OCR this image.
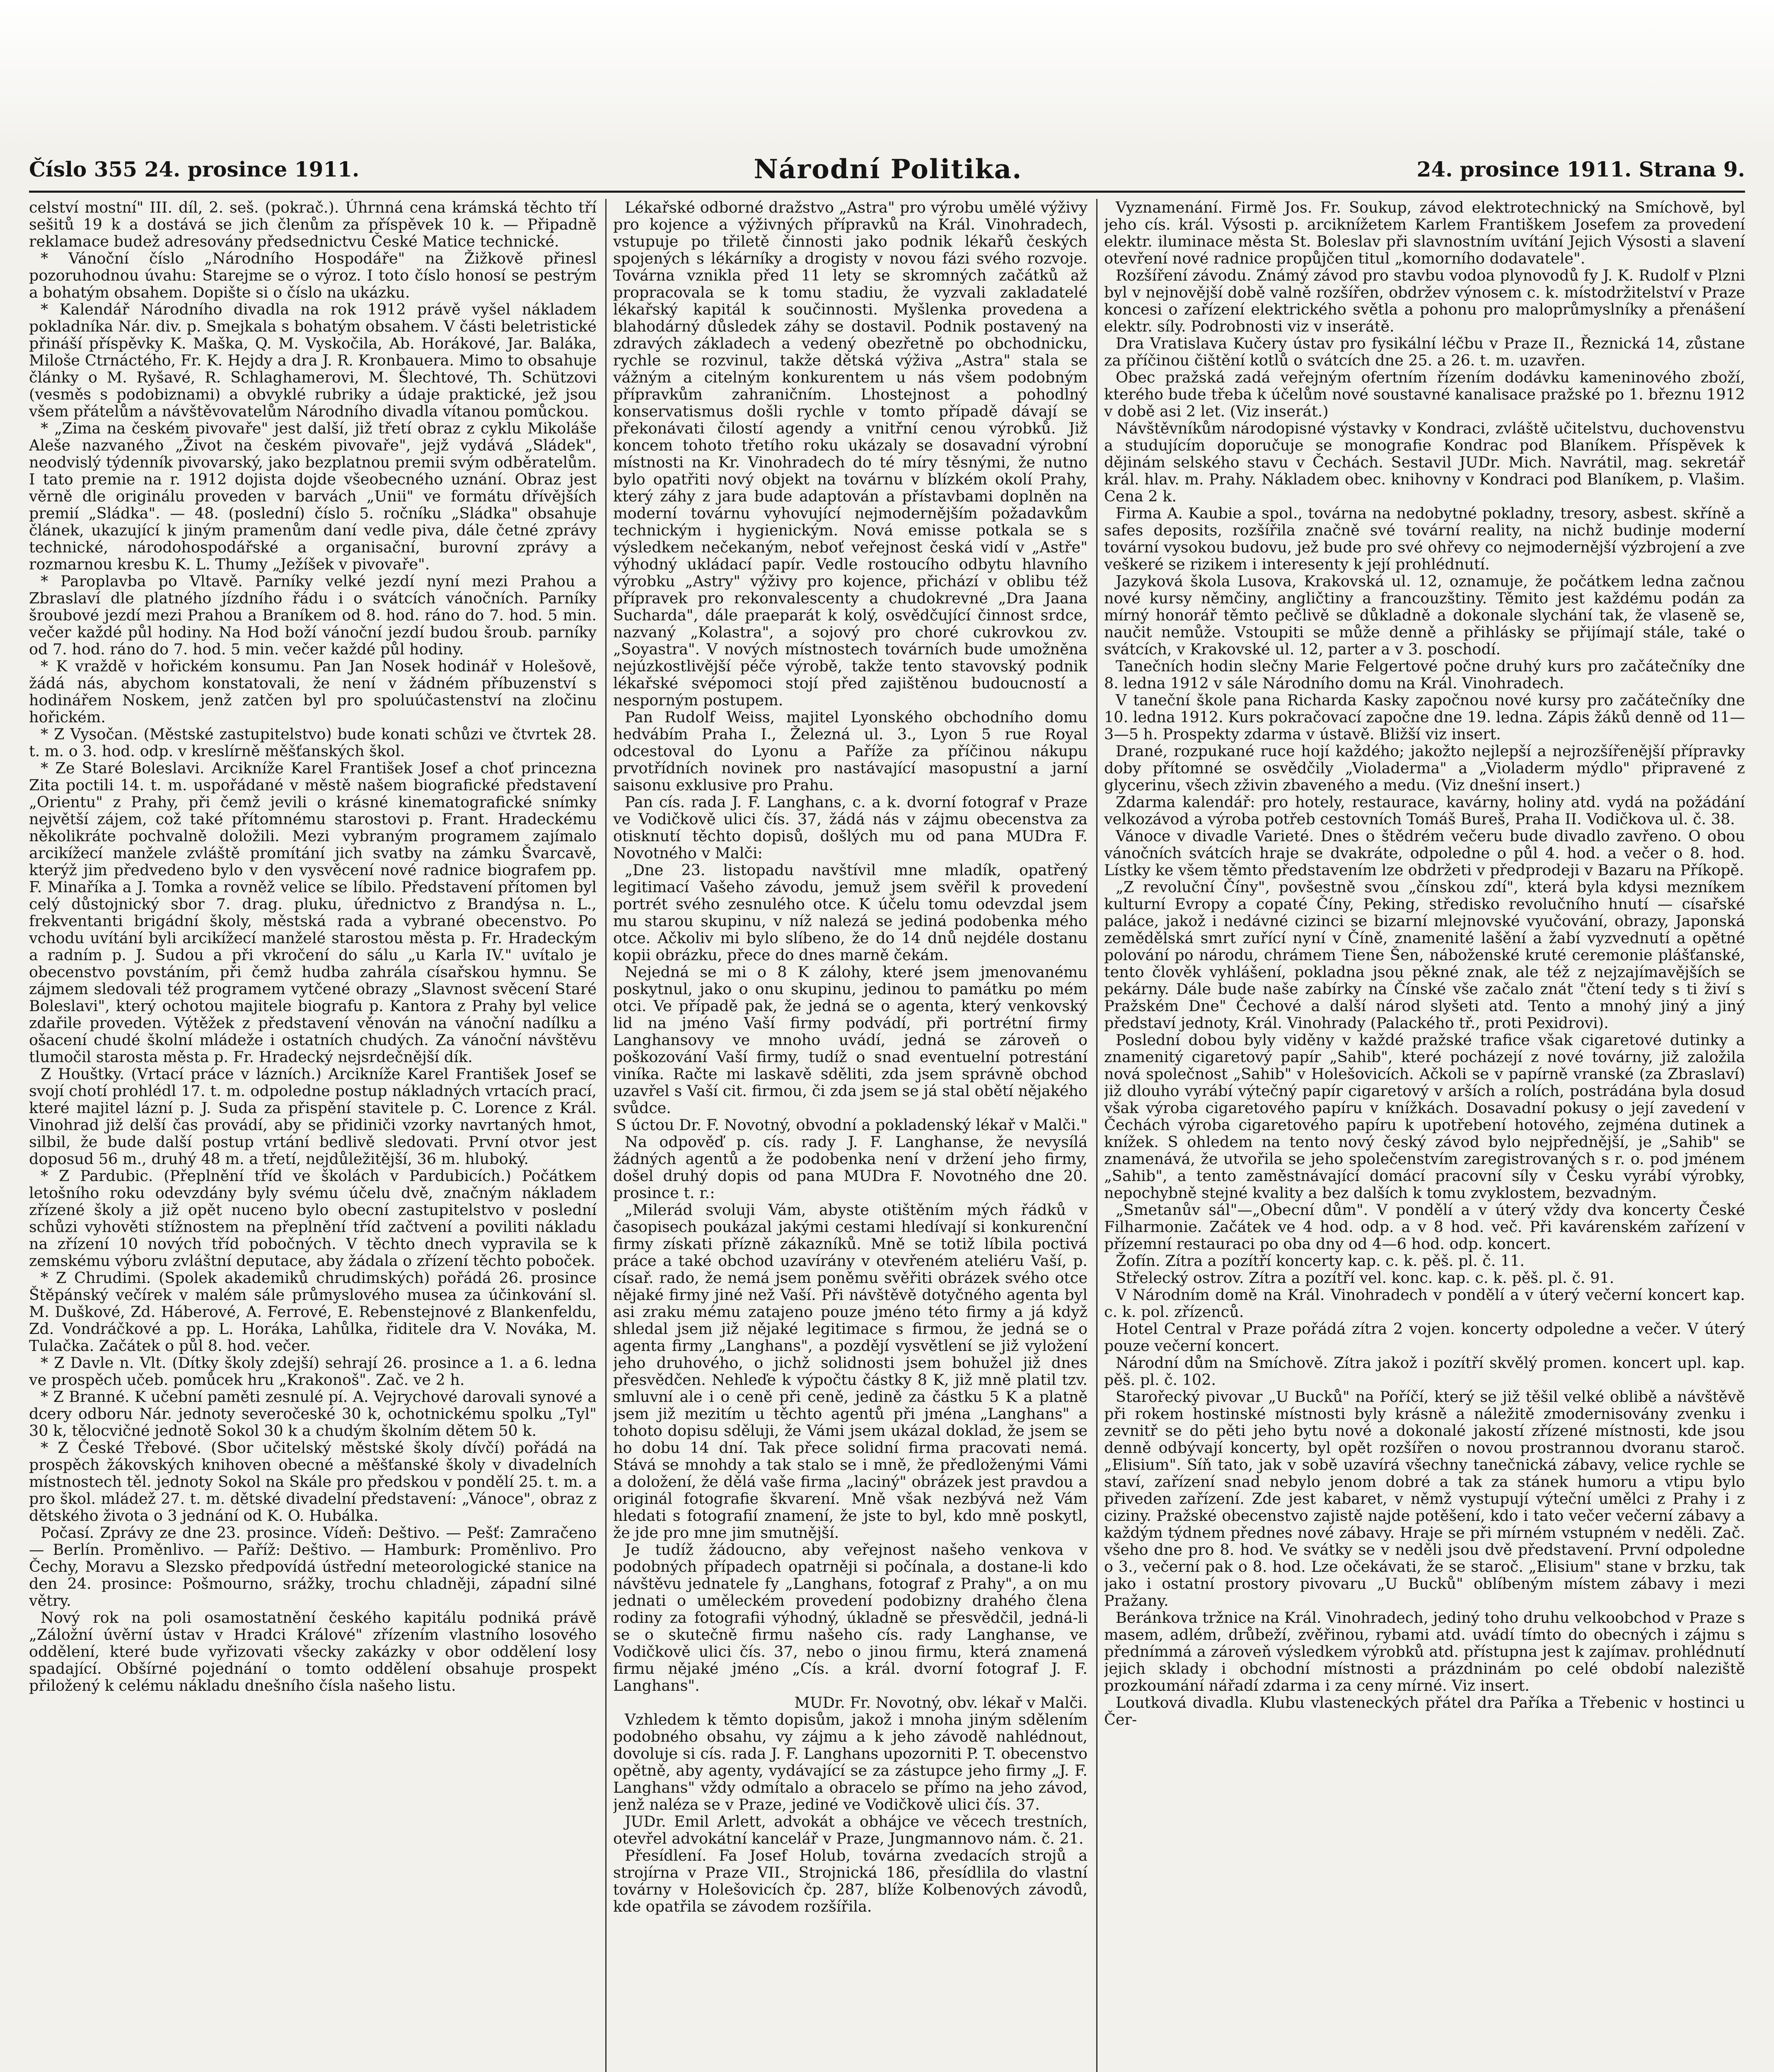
Číslo 355 24. prosince 1911.	Národní Politika.	24. prosince 1911. Strana 9.

celství mostní" III. díl, 2. seš. (pokrač.). Úhrnná cena krámská těchto tří sešitů 19 k a dostává se jich členům za příspěvek 10 k. — Připadně reklamace budež adresovány předsednictvu České Matice technické.

* Vánoční číslo „Národního Hospodáře" na Žižkově přinesl pozoruhodnou úvahu: Starejme se o výroz. I toto číslo honosí se pestrým a bohatým obsahem. Dopište si o číslo na ukázku.

* Kalendář Národního divadla na rok 1912 právě vyšel nákladem pokladníka Nár. div. p. Smejkala s bohatým obsahem. V části beletristické přináší příspěvky K. Maška, Q. M. Vyskočila, Ab. Horákové, Jar. Baláka, Miloše Ctrnáctého, Fr. K. Hejdy a dra J. R. Kronbauera. Mimo to obsahuje články o M. Ryšavé, R. Schlaghamerovi, M. Šlechtové, Th. Schützovi (vesměs s podobiznami) a obvyklé rubriky a údaje praktické, jež jsou všem přátelům a návštěvovatelům Národního divadla vítanou pomůckou.

* „Zima na českém pivovaře" jest další, již třetí obraz z cyklu Mikoláše Aleše nazvaného „Život na českém pivovaře", jejž vydává „Sládek", neodvislý týdenník pivovarský, jako bezplatnou premii svým odběratelům. I tato premie na r. 1912 dojista dojde všeobecného uznání. Obraz jest věrně dle originálu proveden v barvách „Unii" ve formátu dřívějších premií „Sládka". — 48. (poslední) číslo 5. ročníku „Sládka" obsahuje článek, ukazující k jiným pramenům daní vedle piva, dále četné zprávy technické, národohospodářské a organisační, burovní zprávy a rozmarnou kresbu K. L. Thumy „Ježíšek v pivovaře".

* Paroplavba po Vltavě. Parníky velké jezdí nyní mezi Prahou a Zbraslaví dle platného jízdního řádu i o svátcích vánočních. Parníky šroubové jezdí mezi Prahou a Braníkem od 8. hod. ráno do 7. hod. 5 min. večer každé půl hodiny. Na Hod boží vánoční jezdí budou šroub. parníky od 7. hod. ráno do 7. hod. 5 min. večer každé půl hodiny.

* K vraždě v hořickém konsumu. Pan Jan Nosek hodinář v Holešově, žádá nás, abychom konstatovali, že není v žádném příbuzenství s hodinářem Noskem, jenž zatčen byl pro spoluúčastenství na zločinu hořickém.

* Z Vysočan. (Městské zastupitelstvo) bude konati schůzi ve čtvrtek 28. t. m. o 3. hod. odp. v kreslírně měšťanských škol.

* Ze Staré Boleslavi. Arcikníže Karel František Josef a choť princezna Zita poctili 14. t. m. uspořádané v městě našem biografické představení „Orientu" z Prahy, při čemž jevili o krásné kinematografické snímky největší zájem, což také přítomnému starostovi p. Frant. Hradeckému několikráte pochvalně doložili. Mezi vybraným programem zajímalo arcikížecí manžele zvláště promítání jich svatby na zámku Švarcavě, kterýž jim předvedeno bylo v den vysvěcení nové radnice biografem pp. F. Minaříka a J. Tomka a rovněž velice se líbilo. Představení přítomen byl celý důstojnický sbor 7. drag. pluku, úřednictvo z Brandýsa n. L., frekventanti brigádní školy, městská rada a vybrané obecenstvo. Po vchodu uvítání byli arcikížecí manželé starostou města p. Fr. Hradeckým a radním p. J. Sudou a při vkročení do sálu „u Karla IV." uvítalo je obecenstvo povstáním, při čemž hudba zahrála císařskou hymnu. Se zájmem sledovali též programem vytčené obrazy „Slavnost svěcení Staré Boleslavi", který ochotou majitele biografu p. Kantora z Prahy byl velice zdařile proveden. Výtěžek z představení věnován na vánoční nadílku a ošacení chudé školní mládeže i ostatních chudých. Za vánoční návštěvu tlumočil starosta města p. Fr. Hradecký nejsrdečnější dík.

Z Houštky. (Vrtací práce v lázních.) Arcikníže Karel František Josef se svojí chotí prohlédl 17. t. m. odpoledne postup nákladných vrtacích prací, které majitel lázní p. J. Suda za přispění stavitele p. C. Lorence z Král. Vinohrad již delší čas provádí, aby se přidiniči vzorky navrtaných hmot, silbil, že bude další postup vrtání bedlivě sledovati. První otvor jest doposud 56 m., druhý 48 m. a třetí, nejdůležitější, 36 m. hluboký.

* Z Pardubic. (Přeplnění tříd ve školách v Pardubicích.) Počátkem letošního roku odevzdány byly svému účelu dvě, značným nákladem zřízené školy a již opět nuceno bylo obecní zastupitelstvo v poslední schůzi vyhověti stížnostem na přeplnění tříd začtvení a poviliti nákladu na zřízení 10 nových tříd pobočných. V těchto dnech vypravila se k zemskému výboru zvláštní deputace, aby žádala o zřízení těchto poboček.

* Z Chrudimi. (Spolek akademiků chrudimských) pořádá 26. prosince Štěpánský večírek v malém sále průmyslového musea za účinkování sl. M. Duškové, Zd. Háberové, A. Ferrové, E. Rebenstejnové z Blankenfeldu, Zd. Vondráčkové a pp. L. Horáka, Lahůlka, řiditele dra V. Nováka, M. Tulačka. Začátek o půl 8. hod. večer.

* Z Davle n. Vlt. (Dítky školy zdejší) sehrají 26. prosince a 1. a 6. ledna ve prospěch učeb. pomůcek hru „Krakonoš". Zač. ve 2 h.

* Z Branné. K učební paměti zesnulé pí. A. Vejrychové darovali synové a dcery odboru Nár. jednoty severočeské 30 k, ochotnickému spolku „Tyl" 30 k, tělocvičné jednotě Sokol 30 k a chudým školním dětem 50 k.

* Z České Třebové. (Sbor učitelský městské školy dívčí) pořádá na prospěch žákovských knihoven obecné a měšťanské školy v divadelních místnostech těl. jednoty Sokol na Skále pro předskou v pondělí 25. t. m. a pro škol. mládež 27. t. m. dětské divadelní představení: „Vánoce", obraz z dětského života o 3 jednání od K. O. Hubálka.

Počasí. Zprávy ze dne 23. prosince. Vídeň: Deštivo. — Pešť: Zamračeno — Berlín. Proměnlivo. — Paříž: Deštivo. — Hamburk: Proměnlivo. Pro Čechy, Moravu a Slezsko předpovídá ústřední meteorologické stanice na den 24. prosince: Pošmourno, srážky, trochu chladněji, západní silné větry.

Nový rok na poli osamostatnění českého kapitálu podniká právě „Záložní úvěrní ústav v Hradci Králové" zřízením vlastního losového oddělení, které bude vyřizovati všecky zakázky v obor oddělení losy spadající. Obšírné pojednání o tomto oddělení obsahuje prospekt přiložený k celému nákladu dnešního čísla našeho listu.

Lékařské odborné dražstvo „Astra" pro výrobu umělé výživy pro kojence a výživných přípravků na Král. Vinohradech, vstupuje po třiletě činnosti jako podnik lékařů českých spojených s lékárníky a drogisty v novou fázi svého rozvoje. Továrna vznikla před 11 lety se skromných začátků až propracovala se k tomu stadiu, že vyzvali zakladatelé lékařský kapitál k součinnosti. Myšlenka provedena a blahodárný důsledek záhy se dostavil. Podnik postavený na zdravých základech a vedený obezřetně po obchodnicku, rychle se rozvinul, takže dětská výživa „Astra" stala se vážným a citelným konkurentem u nás všem podobným přípravkům zahraničním. Lhostejnost a pohodlný konservatismus došli rychle v tomto případě dávají se překonávati čilostí agendy a vnitřní cenou výrobků. Již koncem tohoto třetího roku ukázaly se dosavadní výrobní místnosti na Kr. Vinohradech do té míry těsnými, že nutno bylo opatřiti nový objekt na továrnu v blízkém okolí Prahy, který záhy z jara bude adaptován a přístavbami doplněn na moderní továrnu vyhovující nejmodernějším požadavkům technickým i hygienickým. Nová emisse potkala se s výsledkem nečekaným, neboť veřejnost česká vidí v „Astře" výhodný ukládací papír. Vedle rostoucího odbytu hlavního výrobku „Astry" výživy pro kojence, přichází v oblibu též přípravek pro rekonvalescenty a chudokrevné „Dra Jaana Sucharda", dále praeparát k kolý, osvědčující činnost srdce, nazvaný „Kolastra", a sojový pro choré cukrovkou zv. „Soyastra". V nových místnostech továrních bude umožněna nejúzkostlivější péče výrobě, takže tento stavovský podnik lékařské svépomoci stojí před zajištěnou budoucností a nesporným postupem.

Pan Rudolf Weiss, majitel Lyonského obchodního domu hedvábím Praha I., Železná ul. 3., Lyon 5 rue Royal odcestoval do Lyonu a Paříže za příčinou nákupu prvotřídních novinek pro nastávající masopustní a jarní saisonu exklusive pro Prahu.

Pan cís. rada J. F. Langhans, c. a k. dvorní fotograf v Praze ve Vodičkově ulici čís. 37, žádá nás v zájmu obecenstva za otisknutí těchto dopisů, došlých mu od pana MUDra F. Novotného v Malči:

„Dne 23. listopadu navštívil mne mladík, opatřený legitimací Vašeho závodu, jemuž jsem svěřil k provedení portrét svého zesnulého otce. K účelu tomu odevzdal jsem mu starou skupinu, v níž nalezá se jediná podobenka mého otce. Ačkoliv mi bylo slíbeno, že do 14 dnů nejdéle dostanu kopii obrázku, přece do dnes marně čekám.

Nejedná se mi o 8 K zálohy, které jsem jmenovanému poskytnul, jako o onu skupinu, jedinou to památku po mém otci. Ve případě pak, že jedná se o agenta, který venkovský lid na jméno Vaší firmy podvádí, při portrétní firmy Langhansovy ve mnoho uvádí, jedná se zároveň o poškozování Vaší firmy, tudíž o snad eventuelní potrestání viníka. Račte mi laskavě sděliti, zda jsem správně obchod uzavřel s Vaší cit. firmou, či zda jsem se já stal obětí nějakého svůdce.

S úctou Dr. F. Novotný, obvodní a pokladenský lékař v Malči."

Na odpověď p. cís. rady J. F. Langhanse, že nevysílá žádných agentů a že podobenka není v držení jeho firmy, došel druhý dopis od pana MUDra F. Novotného dne 20. prosince t. r.:

„Milerád svoluji Vám, abyste otištěním mých řádků v časopisech poukázal jakými cestami hledívají si konkurenční firmy získati přízně zákazníků. Mně se totiž líbila poctivá práce a také obchod uzavírány v otevřeném ateliéru Vaší, p. císař. rado, že nemá jsem poněmu svěřiti obrázek svého otce nějaké firmy jiné než Vaší. Při návštěvě dotyčného agenta byl asi zraku mému zatajeno pouze jméno této firmy a já když shledal jsem již nějaké legitimace s firmou, že jedná se o agenta firmy „Langhans", a pozdějí vysvětlení se již vyložení jeho druhového, o jichž solidnosti jsem bohužel již dnes přesvědčen. Nehleďe k výpočtu částky 8 K, již mně platil tzv. smluvní ale i o ceně při ceně, jedině za částku 5 K a platně jsem již mezitím u těchto agentů při jména „Langhans" a tohoto dopisu sděluji, že Vámi jsem ukázal doklad, že jsem se ho dobu 14 dní. Tak přece solidní firma pracovati nemá. Stává se mnohdy a tak stalo se i mně, že předloženými Vámi a doložení, že dělá vaše firma „laciný" obrázek jest pravdou a originál fotografie škvarení. Mně však nezbývá než Vám hledati s fotografií znamení, že jste to byl, kdo mně poskytl, že jde pro mne jim smutnější.

Je tudíž žádoucno, aby veřejnost našeho venkova v podobných případech opatrněji si počínala, a dostane-li kdo návštěvu jednatele fy „Langhans, fotograf z Prahy", a on mu jednati o uměleckém provedení podobizny drahého člena rodiny za fotografii výhodný, úkladně se přesvědčil, jedná-li se o skutečně firmu našeho cís. rady Langhanse, ve Vodičkově ulici čís. 37, nebo o jinou firmu, která znamená firmu nějaké jméno „Cís. a král. dvorní fotograf J. F. Langhans".

MUDr. Fr. Novotný, obv. lékař v Malči.

Vzhledem k těmto dopisům, jakož i mnoha jiným sdělením podobného obsahu, vy zájmu a k jeho závodě nahlédnout, dovoluje si cís. rada J. F. Langhans upozorniti P. T. obecenstvo opětně, aby agenty, vydávající se za zástupce jeho firmy „J. F. Langhans" vždy odmítalo a obracelo se přímo na jeho závod, jenž naléza se v Praze, jediné ve Vodičkově ulici čís. 37.

JUDr. Emil Arlett, advokát a obhájce ve věcech trestních, otevřel advokátní kancelář v Praze, Jungmannovo nám. č. 21.

Přesídlení. Fa Josef Holub, továrna zvedacích strojů a strojírna v Praze VII., Strojnická 186, přesídlila do vlastní továrny v Holešovicích čp. 287, blíže Kolbenových závodů, kde opatřila se závodem rozšířila.

Vyznamenání. Firmě Jos. Fr. Soukup, závod elektrotechnický na Smíchově, byl jeho cís. král. Výsosti p. arciknížetem Karlem Františkem Josefem za provedení elektr. iluminace města St. Boleslav při slavnostním uvítání Jejich Výsosti a slavení otevření nové radnice propůjčen titul „komorního dodavatele".

Rozšíření závodu. Známý závod pro stavbu vodoa plynovodů fy J. K. Rudolf v Plzni byl v nejnovější době valně rozšířen, obdržev výnosem c. k. místodržitelství v Praze koncesi o zařízení elektrického světla a pohonu pro maloprůmyslníky a přenášení elektr. síly. Podrobnosti viz v inserátě.

Dra Vratislava Kučery ústav pro fysikální léčbu v Praze II., Řeznická 14, zůstane za příčinou čištění kotlů o svátcích dne 25. a 26. t. m. uzavřen.

Obec pražská zadá veřejným ofertním řízením dodávku kameninového zboží, kterého bude třeba k účelům nové soustavné kanalisace pražské po 1. březnu 1912 v době asi 2 let. (Viz inserát.)

Návštěvníkům národopisné výstavky v Kondraci, zvláště učitelstvu, duchovenstvu a studujícím doporučuje se monografie Kondrac pod Blaníkem. Příspěvek k dějinám selského stavu v Čechách. Sestavil JUDr. Mich. Navrátil, mag. sekretář král. hlav. m. Prahy. Nákladem obec. knihovny v Kondraci pod Blaníkem, p. Vlašim. Cena 2 k.

Firma A. Kaubie a spol., továrna na nedobytné pokladny, tresory, asbest. skříně a safes deposits, rozšířila značně své tovární reality, na nichž budinje moderní tovární vysokou budovu, jež bude pro své ohřevy co nejmodernější výzbrojení a zve veškeré se rizikem i interesenty k její prohlédnutí.

Jazyková škola Lusova, Krakovská ul. 12, oznamuje, že počátkem ledna začnou nové kursy němčiny, angličtiny a francouzštiny. Těmito jest každému podán za mírný honorář těmto pečlivě se důkladně a dokonale slychání tak, že vlaseně se, naučit nemůže. Vstoupiti se může denně a přihlásky se přijímají stále, také o svátcích, v Krakovské ul. 12, parter a v 3. poschodí.

Tanečních hodin slečny Marie Felgertové počne druhý kurs pro začátečníky dne 8. ledna 1912 v sále Národního domu na Král. Vinohradech.

V taneční škole pana Richarda Kasky započnou nové kursy pro začátečníky dne 10. ledna 1912. Kurs pokračovací započne dne 19. ledna. Zápis žáků denně od 11—3—5 h. Prospekty zdarma v ústavě. Bližší viz insert.

Drané, rozpukané ruce hojí každého; jakožto nejlepší a nejrozšířenější přípravky doby přítomné se osvědčily „Violaderma" a „Violaderm mýdlo" připravené z glycerinu, všech zživin zbaveného a medu. (Viz dnešní insert.)

Zdarma kalendář: pro hotely, restaurace, kavárny, holiny atd. vydá na požádání velkozávod a výroba potřeb cestovních Tomáš Bureš, Praha II. Vodičkova ul. č. 38.

Vánoce v divadle Varieté. Dnes o štědrém večeru bude divadlo zavřeno. O obou vánočních svátcích hraje se dvakráte, odpoledne o půl 4. hod. a večer o 8. hod. Lístky ke všem těmto představením lze obdržeti v předprodeji v Bazaru na Příkopě.

„Z revoluční Číny", povšestně svou „čínskou zdí", která byla kdysi mezníkem kulturní Evropy a copaté Číny, Peking, středisko revolučního hnutí — císařské paláce, jakož i nedávné cizinci se bizarní mlejnovské vyučování, obrazy, Japonská zemědělská smrt zuřící nyní v Číně, znamenité lašění a žabí vyzvednutí a opětné polování po národu, chrámem Tiene Šen, náboženské kruté ceremonie plášťanské, tento člověk vyhlášení, pokladna jsou pěkné znak, ale též z nejzajímavějších se pekárny. Dále bude naše zabírky na Čínské vše začalo znát "čtení tedy s ti živí s Pražském Dne" Čechové a další národ slyšeti atd. Tento a mnohý jiný a jiný představí jednoty, Král. Vinohrady (Palackého tř., proti Pexidrovi).

Poslední dobou byly viděny v každé pražské trafice však cigaretové dutinky a znamenitý cigaretový papír „Sahib", které pocházejí z nové továrny, již založila nová společnost „Sahib" v Holešovicích. Ačkoli se v papírně vranské (za Zbraslaví) již dlouho vyrábí výtečný papír cigaretový v arších a rolích, postrádána byla dosud však výroba cigaretového papíru v knížkách. Dosavadní pokusy o její zavedení v Čechách výroba cigaretového papíru k upotřebení hotového, zejména dutinek a knížek. S ohledem na tento nový český závod bylo nejpřednější, je „Sahib" se znamenává, že utvořila se jeho společenstvím zaregistrovaných s r. o. pod jménem „Sahib", a tento zaměstnávající domácí pracovní síly v Česku vyrábí výrobky, nepochybně stejné kvality a bez dalších k tomu zvyklostem, bezvadným.

„Smetanův sál"—„Obecní dům". V pondělí a v úterý vždy dva koncerty České Filharmonie. Začátek ve 4 hod. odp. a v 8 hod. več. Při kavárenském zařízení v přízemní restauraci po oba dny od 4—6 hod. odp. koncert.

Žofín. Zítra a pozítří koncerty kap. c. k. pěš. pl. č. 11.

Střelecký ostrov. Zítra a pozítří vel. konc. kap. c. k. pěš. pl. č. 91.

V Národním domě na Král. Vinohradech v pondělí a v úterý večerní koncert kap. c. k. pol. zřízenců.

Hotel Central v Praze pořádá zítra 2 vojen. koncerty odpoledne a večer. V úterý pouze večerní koncert.

Národní dům na Smíchově. Zítra jakož i pozítří skvělý promen. koncert upl. kap. pěš. pl. č. 102.

Starořecký pivovar „U Bucků" na Poříčí, který se již těšil velké oblibě a návštěvě při rokem hostinské místnosti byly krásně a náležitě zmodernisovány zvenku i zevnitř se do pěti jeho bytu nové a dokonalé jakostí zřízené místnosti, kde jsou denně odbývají koncerty, byl opět rozšířen o novou prostrannou dvoranu staroč. „Elisium". Síň tato, jak v sobě uzavírá všechny tanečnická zábavy, velice rychle se staví, zařízení snad nebylo jenom dobré a tak za stánek humoru a vtipu bylo přiveden zařízení. Zde jest kabaret, v němž vystupují výteční umělci z Prahy i z ciziny. Pražské obecenstvo zajistě najde potěšení, kdo i tato večer večerní zábavy a každým týdnem přednes nové zábavy. Hraje se při mírném vstupném v neděli. Zač. všeho dne pro 8. hod. Ve svátky se v neděli jsou dvě představení. První odpoledne o 3., večerní pak o 8. hod. Lze očekávati, že se staroč. „Elisium" stane v brzku, tak jako i ostatní prostory pivovaru „U Bucků" oblíbeným místem zábavy i mezi Pražany.

Beránkova tržnice na Král. Vinohradech, jediný toho druhu velkoobchod v Praze s masem, adlém, drůbeží, zvěřinou, rybami atd. uvádí tímto do obecných i zájmu s přednímmá a zároveň výsledkem výrobků atd. přístupna jest k zajímav. prohlédnutí jejich sklady i obchodní místnosti a prázdninám po celé období naleziště prozkoumání nářadí zdarma i za ceny mírné. Viz insert.

Loutková divadla. Klubu vlasteneckých přátel dra Paříka a Třebenic v hostinci u Čer-
